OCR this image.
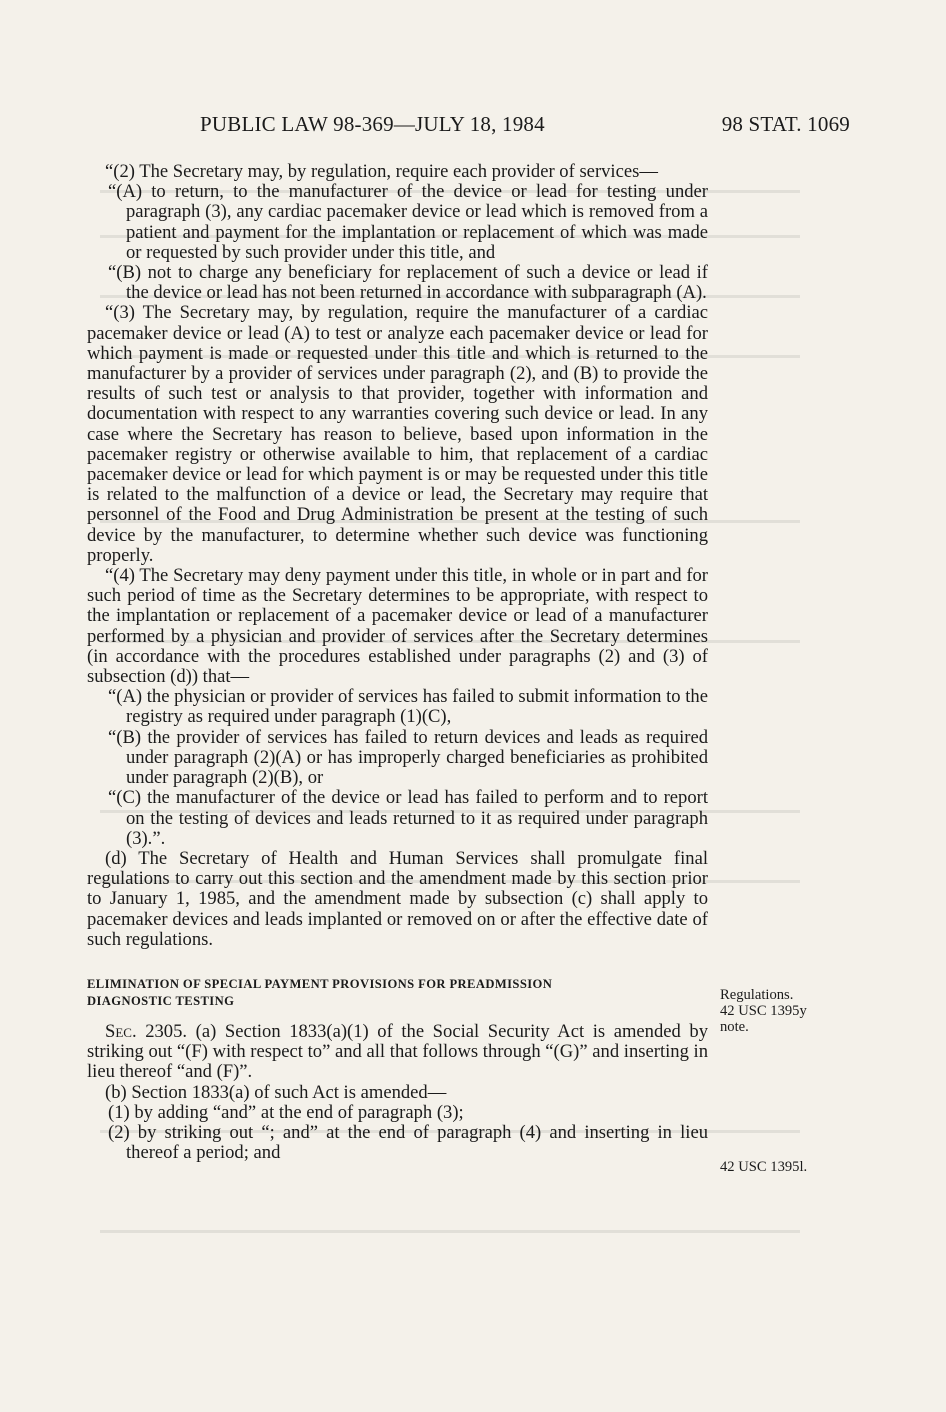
PUBLIC LAW 98-369—JULY 18, 1984	98 STAT. 1069

“(2) The Secretary may, by regulation, require each provider of services—

“(A) to return, to the manufacturer of the device or lead for testing under paragraph (3), any cardiac pacemaker device or lead which is removed from a patient and payment for the implantation or replacement of which was made or requested by such provider under this title, and

“(B) not to charge any beneficiary for replacement of such a device or lead if the device or lead has not been returned in accordance with subparagraph (A).

“(3) The Secretary may, by regulation, require the manufacturer of a cardiac pacemaker device or lead (A) to test or analyze each pacemaker device or lead for which payment is made or requested under this title and which is returned to the manufacturer by a provider of services under paragraph (2), and (B) to provide the results of such test or analysis to that provider, together with information and documentation with respect to any warranties covering such device or lead. In any case where the Secretary has reason to believe, based upon information in the pacemaker registry or otherwise available to him, that replacement of a cardiac pacemaker device or lead for which payment is or may be requested under this title is related to the malfunction of a device or lead, the Secretary may require that personnel of the Food and Drug Administration be present at the testing of such device by the manufacturer, to determine whether such device was functioning properly.

“(4) The Secretary may deny payment under this title, in whole or in part and for such period of time as the Secretary determines to be appropriate, with respect to the implantation or replacement of a pacemaker device or lead of a manufacturer performed by a physician and provider of services after the Secretary determines (in accordance with the procedures established under paragraphs (2) and (3) of subsection (d)) that—

“(A) the physician or provider of services has failed to submit information to the registry as required under paragraph (1)(C),

“(B) the provider of services has failed to return devices and leads as required under paragraph (2)(A) or has improperly charged beneficiaries as prohibited under paragraph (2)(B), or

“(C) the manufacturer of the device or lead has failed to perform and to report on the testing of devices and leads returned to it as required under paragraph (3).”.

(d) The Secretary of Health and Human Services shall promulgate final regulations to carry out this section and the amendment made by this section prior to January 1, 1985, and the amendment made by subsection (c) shall apply to pacemaker devices and leads implanted or removed on or after the effective date of such regulations.

ELIMINATION OF SPECIAL PAYMENT PROVISIONS FOR PREADMISSION
DIAGNOSTIC TESTING

Sec. 2305. (a) Section 1833(a)(1) of the Social Security Act is amended by striking out “(F) with respect to” and all that follows through “(G)” and inserting in lieu thereof “and (F)”.

(b) Section 1833(a) of such Act is amended—

(1) by adding “and” at the end of paragraph (3);

(2) by striking out “; and” at the end of paragraph (4) and inserting in lieu thereof a period; and

Regulations.
42 USC 1395y
note.
42 USC 1395l.
